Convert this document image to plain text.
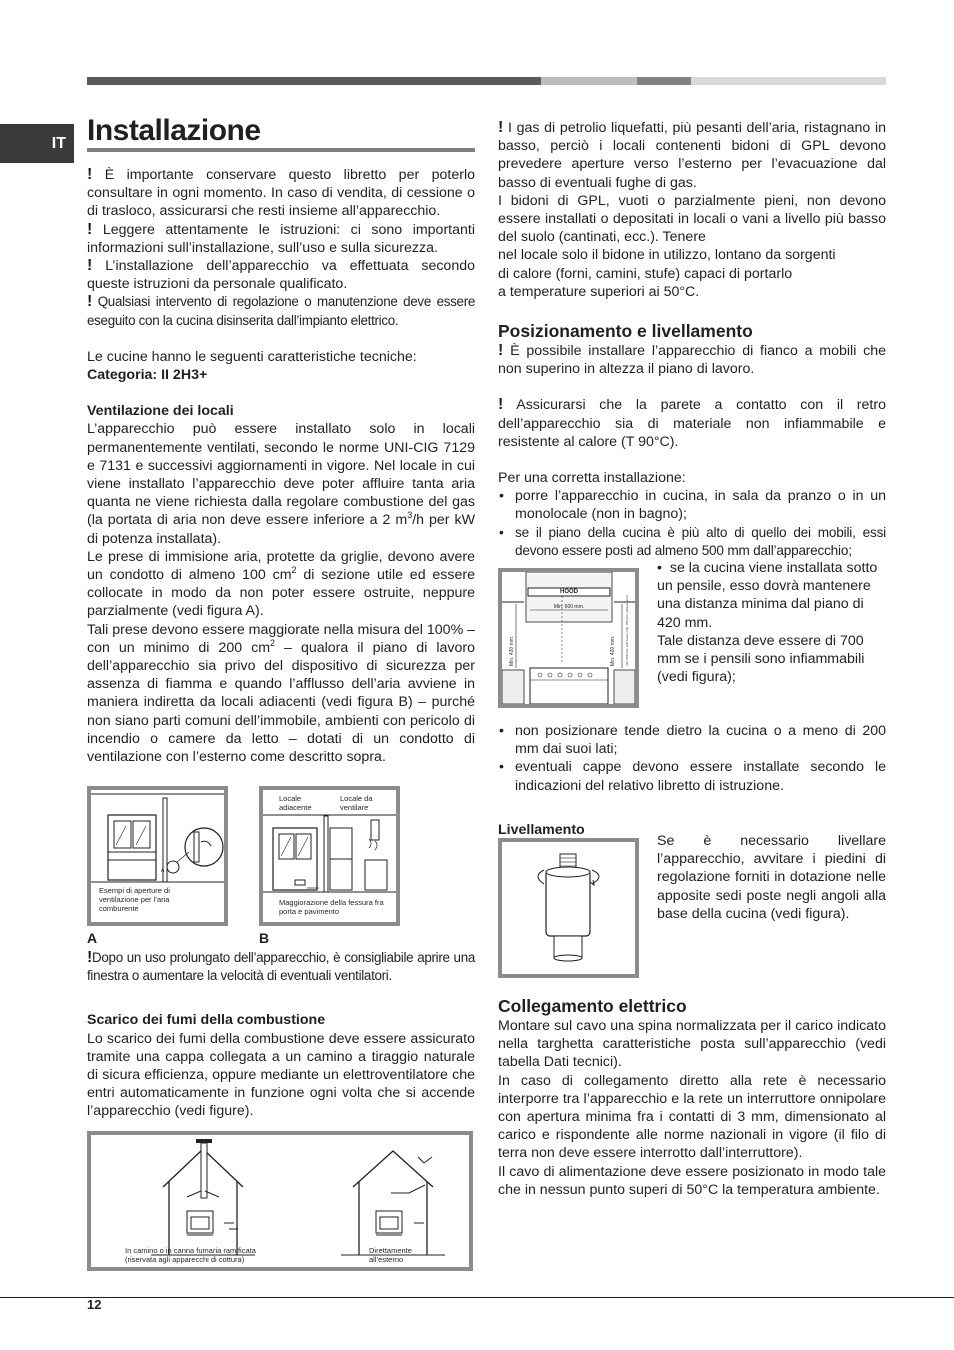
IT Installazione

! È importante conservare questo libretto per poterlo consultare in ogni momento. In caso di vendita, di cessione o di trasloco, assicurarsi che resti insieme all’apparecchio.

! Leggere attentamente le istruzioni: ci sono importanti informazioni sull’installazione, sull’uso e sulla sicurezza.

! L’installazione dell’apparecchio va effettuata secondo queste istruzioni da personale qualificato.

! Qualsiasi intervento di regolazione o manutenzione deve essere eseguito con la cucina disinserita dall’impianto elettrico.

Le cucine hanno le seguenti caratteristiche tecniche:

Categoria: II 2H3+

Ventilazione dei locali

L’apparecchio può essere installato solo in locali permanentemente ventilati, secondo le norme UNI-CIG 7129 e 7131 e successivi aggiornamenti in vigore. Nel locale in cui viene installato l’apparecchio deve poter affluire tanta aria quanta ne viene richiesta dalla regolare combustione del gas (la portata di aria non deve essere inferiore a 2 $m^3/h$ per kW di potenza installata).

Le prese di immisione aria, protette da griglie, devono avere un condotto di almeno 100 $cm^2$ di sezione utile ed essere collocate in modo da non poter essere ostruite, neppure parzialmente (vedi figura A).

Tali prese devono essere maggiorate nella misura del 100% – con un minimo di 200 $cm^2$ – qualora il piano di lavoro dell’apparecchio sia privo del dispositivo di sicurezza per assenza di fiamma e quando l’afflusso dell’aria avviene in maniera indiretta da locali adiacenti (vedi figura B) – purché non siano parti comuni dell’immobile, ambienti con pericolo di incendio o camere da letto – dotati di un condotto di ventilazione con l’esterno come descritto sopra.

A
Esempi di aperture di ventilazione per l’aria comburente
A
Locale adiacente
Locale da ventilare
Maggiorazione della fessura fra porta e pavimento
B

!Dopo un uso prolungato dell’apparecchio, è consigliabile aprire una finestra o aumentare la velocità di eventuali ventilatori.

Scarico dei fumi della combustione

Lo scarico dei fumi della combustione deve essere assicurato tramite una cappa collegata a un camino a tiraggio naturale di sicura efficienza, oppure mediante un elettroventilatore che entri automaticamente in funzione ogni volta che si accende l’apparecchio (vedi figure).

In camino o in canna fumaria ramificata (riservata agli apparecchi di cottura)
Direttamente all’esterno

! I gas di petrolio liquefatti, più pesanti dell’aria, ristagnano in basso, perciò i locali contenenti bidoni di GPL devono prevedere aperture verso l’esterno per l’evacuazione dal basso di eventuali fughe di gas.

I bidoni di GPL, vuoti o parzialmente pieni, non devono essere installati o depositati in locali o vani a livello più basso del suolo (cantinati, ecc.). Tenere

nel locale solo il bidone in utilizzo, lontano da sorgenti

di calore (forni, camini, stufe) capaci di portarlo

a temperature superiori ai 50°C.

Posizionamento e livellamento

! È possibile installare l’apparecchio di fianco a mobili che non superino in altezza il piano di lavoro.

! Assicurarsi che la parete a contatto con il retro dell’apparecchio sia di materiale non infiammabile e resistente al calore (T 90°C).

Per una corretta installazione:

• porre l’apparecchio in cucina, in sala da pranzo o in un monolocale (non in bagno);
• se il piano della cucina è più alto di quello dei mobili, essi devono essere posti ad almeno 500 mm dall’apparecchio;
HOOD
Min. 600 mm.
Min. 420 mm.	Min. 420 mm.	min. 650 mm. with hood / min. 700 mm. without hood

•  se la cucina viene installata sotto un pensile, esso dovrà mantenere una distanza minima dal piano di 420 mm.

Tale distanza deve essere di 700 mm se i pensili sono infiammabili (vedi figura);

• non posizionare tende dietro la cucina o a meno di 200 mm dai suoi lati;
• eventuali cappe devono essere installate secondo le indicazioni del relativo libretto di istruzione.

Livellamento

Se è necessario livellare l’apparecchio, avvitare i piedini di regolazione forniti in dotazione nelle apposite sedi poste negli angoli alla base della cucina (vedi figura).

Collegamento elettrico

Montare sul cavo una spina normalizzata per il carico indicato nella targhetta caratteristiche posta sull’apparecchio (vedi tabella Dati tecnici).

In caso di collegamento diretto alla rete è necessario interporre tra l’apparecchio e la rete un interruttore onnipolare con apertura minima fra i contatti di 3 mm, dimensionato al carico e rispondente alle norme nazionali in vigore (il filo di terra non deve essere interrotto dall’interruttore).

Il cavo di alimentazione deve essere posizionato in modo tale che in nessun punto superi di 50°C la temperatura ambiente.

12
